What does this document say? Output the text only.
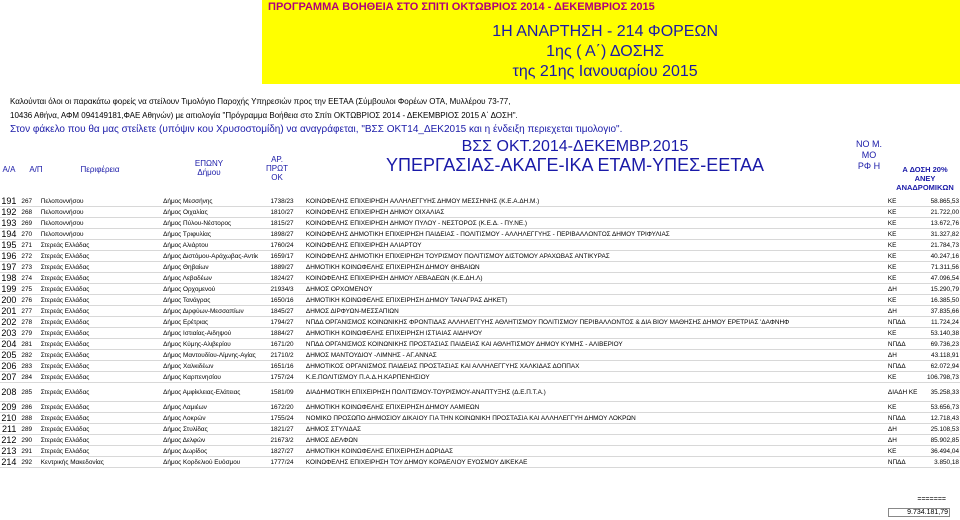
ΠΡΟΓΡΑΜΜΑ ΒΟΗΘΕΙΑ ΣΤΟ ΣΠΙΤΙ ΟΚΤΩΒΡΙΟΣ 2014 - ΔΕΚΕΜΒΡΙΟΣ 2015
1Η ΑΝΑΡΤΗΣΗ - 214 ΦΟΡΕΩΝ
1ης ( Α΄) ΔΟΣΗΣ
της 21ης Ιανουαρίου 2015
Καλούνται όλοι οι παρακάτω φορείς να στείλουν Τιμολόγιο Παροχής Υπηρεσιών προς την ΕΕΤΑΑ (Σύμβουλοι Φορέων ΟΤΑ, Μυλλέρου 73-77,
10436 Αθήνα, ΑΦΜ 094149181,ΦΑΕ Αθηνών) με αιτιολογία "Πρόγραμμα Βοήθεια στο Σπίτι ΟΚΤΩΒΡΙΟΣ 2014 - ΔΕΚΕΜΒΡΙΟΣ 2015 Α΄ ΔΟΣΗ".
Στον φάκελο που θα μας στείλετε (υπόψιν κου Χρυσοστομίδη) να αναγράφεται, "ΒΣΣ ΟΚΤ14_ΔΕΚ2015 και η ένδειξη περιεχεται τιμολογιο".
Α/Α	Α/Π	Περιφέρεια
ΕΠΩΝΥ Δήμου
ΑΡ. ΠΡΩΤ ΟΚ
ΝΟ Μ. ΜΟ ΡΦ Η	Α ΔΟΣΗ 20% ΑΝΕΥ ΑΝΑΔΡΟΜΙΚΩΝ
ΒΣΣ ΟΚΤ.2014-ΔΕΚΕΜΒΡ.2015
ΥΠΕΡΓΑΣΙΑΣ-ΑΚΑΓΕ-ΙΚΑ ΕΤΑΜ-ΥΠΕΣ-ΕΕΤΑΑ
191	267	Πελοποννήσου	Δήμος Μεσσήνης	1738/23	ΚΟΙΝΩΦΕΛΗΣ ΕΠΙΧΕΙΡΗΣΗ ΑΛΛΗΛΕΓΓΥΗΣ ΔΗΜΟΥ ΜΕΣΣΗΝΗΣ (Κ.Ε.Α.ΔΗ.Μ.)	ΚΕ	58.865,53
192	268	Πελοποννήσου	Δήμος Οιχαλίας	1810/27	ΚΟΙΝΩΦΕΛΗΣ ΕΠΙΧΕΙΡΗΣΗ ΔΗΜΟΥ ΟΙΧΑΛΙΑΣ	ΚΕ	21.722,00
193	269	Πελοποννήσου	Δήμος Πύλου-Νέστορος	1815/27	ΚΟΙΝΩΦΕΛΗΣ ΕΠΙΧΕΙΡΗΣΗ ΔΗΜΟΥ ΠΥΛΟΥ - ΝΕΣΤΟΡΟΣ (Κ.Ε.Δ. - ΠΥ.ΝΕ.)	ΚΕ	13.672,76
194	270	Πελοποννήσου	Δήμος Τριφυλίας	1898/27	ΚΟΙΝΩΦΕΛΗΣ ΔΗΜΟΤΙΚΗ ΕΠΙΧΕΙΡΗΣΗ ΠΑΙΔΕΙΑΣ - ΠΟΛΙΤΙΣΜΟΥ - ΑΛΛΗΛΕΓΓΥΗΣ - ΠΕΡΙΒΑΛΛΟΝΤΟΣ ΔΗΜΟΥ ΤΡΙΦΥΛΙΑΣ	ΚΕ	31.327,82
195	271	Στερεάς Ελλάδας	Δήμος Αλιάρτου	1760/24	ΚΟΙΝΩΦΕΛΗΣ ΕΠΙΧΕΙΡΗΣΗ ΑΛΙΑΡΤΟΥ	ΚΕ	21.784,73
196	272	Στερεάς Ελλάδας	Δήμος Διστόμου-Αράχωβας-Αντίκ	1659/17	ΚΟΙΝΩΦΕΛΗΣ ΔΗΜΟΤΙΚΗ ΕΠΙΧΕΙΡΗΣΗ ΤΟΥΡΙΣΜΟΥ ΠΟΛΙΤΙΣΜΟΥ ΔΙΣΤΟΜΟΥ ΑΡΑΧΩΒΑΣ ΑΝΤΙΚΥΡΑΣ	ΚΕ	40.247,16
197	273	Στερεάς Ελλάδας	Δήμος Θηβαίων	1889/27	ΔΗΜΟΤΙΚΗ ΚΟΙΝΩΦΕΛΗΣ ΕΠΙΧΕΙΡΗΣΗ ΔΗΜΟΥ ΘΗΒΑΙΩΝ	ΚΕ	71.311,56
198	274	Στερεάς Ελλάδας	Δήμος Λεβαδέων	1824/27	ΚΟΙΝΩΦΕΛΗΣ ΕΠΙΧΕΙΡΗΣΗ ΔΗΜΟΥ ΛΕΒΑΔΕΩΝ (Κ.Ε.ΔΗ.Λ)	ΚΕ	47.096,54
199	275	Στερεάς Ελλάδας	Δήμος Ορχομενού	21934/3	ΔΗΜΟΣ ΟΡΧΟΜΕΝΟΥ	ΔΗ	15.290,79
200	276	Στερεάς Ελλάδας	Δήμος Τανάγρας	1650/16	ΔΗΜΟΤΙΚΗ ΚΟΙΝΩΦΕΛΗΣ ΕΠΙΧΕΙΡΗΣΗ ΔΗΜΟΥ ΤΑΝΑΓΡΑΣ ΔΗΚΕΤ)	ΚΕ	16.385,50
201	277	Στερεάς Ελλάδας	Δήμος Διρφύων-Μεσσαπίων	1845/27	ΔΗΜΟΣ ΔΙΡΦΥΩΝ-ΜΕΣΣΑΠΙΩΝ	ΔΗ	37.835,66
202	278	Στερεάς Ελλάδας	Δήμος Ερέτριας	1794/27	ΝΠΔΔ ΟΡΓΑΝΙΣΜΟΣ ΚΟΙΝΩΝΙΚΗΣ ΦΡΟΝΤΙΔΑΣ ΑΛΛΗΛΕΓΓΥΗΣ ΑΘΛΗΤΙΣΜΟΥ ΠΟΛΙΤΙΣΜΟΥ ΠΕΡΙΒΑΛΛΟΝΤΟΣ & ΔΙΑ ΒΙΟΥ ΜΑΘΗΣΗΣ ΔΗΜΟΥ ΕΡΕΤΡΙΑΣ 'ΔΑΦΝΗΦ	ΝΠΔΔ	11.724,24
203	279	Στερεάς Ελλάδας	Δήμος Ιστιαίας-Αιδηψού	1884/27	ΔΗΜΟΤΙΚΗ ΚΟΙΝΩΦΕΛΗΣ ΕΠΙΧΕΙΡΗΣΗ ΙΣΤΙΑΙΑΣ ΑΙΔΗΨΟΥ	ΚΕ	53.140,38
204	281	Στερεάς Ελλάδας	Δήμος Κύμης-Αλιβερίου	1671/20	ΝΠΔΔ ΟΡΓΑΝΙΣΜΟΣ ΚΟΙΝΩΝΙΚΗΣ ΠΡΟΣΤΑΣΙΑΣ ΠΑΙΔΕΙΑΣ ΚΑΙ ΑΘΛΗΤΙΣΜΟΥ ΔΗΜΟΥ ΚΥΜΗΣ - ΑΛΙΒΕΡΙΟΥ	ΝΠΔΔ	69.736,23
205	282	Στερεάς Ελλάδας	Δήμος Μαντουδίου-Λίμνης-Αγίας	21710/2	ΔΗΜΟΣ ΜΑΝΤΟΥΔΙΟΥ -ΛΙΜΝΗΣ - ΑΓ.ΑΝΝΑΣ	ΔΗ	43.118,91
206	283	Στερεάς Ελλάδας	Δήμος Χαλκιδέων	1651/16	ΔΗΜΟΤΙΚΟΣ ΟΡΓΑΝΙΣΜΟΣ ΠΑΙΔΕΙΑΣ ΠΡΟΣΤΑΣΙΑΣ ΚΑΙ ΑΛΛΗΛΕΓΓΥΗΣ ΧΑΛΚΙΔΑΣ ΔΟΠΠΑΧ	ΝΠΔΔ	62.072,94
207	284	Στερεάς Ελλάδας	Δήμος Καρπενησίου	1757/24	Κ.Ε.ΠΟΛΙΤΙΣΜΟΥ Π.Α.Δ.Η.ΚΑΡΠΕΝΗΣΙΟΥ	ΚΕ	106.798,73
208	285	Στερεάς Ελλάδας	Δήμος Αμφίκλειας-Ελάτειας	1581/09	ΔΙΑΔΗΜΟΤΙΚΗ ΕΠΙΧΕΙΡΗΣΗ ΠΟΛΙΤΙΣΜΟΥ-ΤΟΥΡΙΣΜΟΥ-ΑΝΑΠΤΥΞΗΣ (Δ.Ε.Π.Τ.Α.)	ΔΙΑΔΗ ΚΕ	35.258,33
209	286	Στερεάς Ελλάδας	Δήμος Λαμιέων	1672/20	ΔΗΜΟΤΙΚΗ ΚΟΙΝΩΦΕΛΗΣ ΕΠΙΧΕΙΡΗΣΗ ΔΗΜΟΥ ΛΑΜΙΕΩΝ	ΚΕ	53.656,73
210	288	Στερεάς Ελλάδας	Δήμος Λοκρών	1755/24	ΝΟΜΙΚΟ ΠΡΟΣΩΠΟ ΔΗΜΟΣΙΟΥ ΔΙΚΑΙΟΥ ΓΙΑ ΤΗΝ ΚΟΙΝΩΝΙΚΗ ΠΡΟΣΤΑΣΙΑ ΚΑΙ ΑΛΛΗΛΕΓΓΥΗ ΔΗΜΟΥ ΛΟΚΡΩΝ	ΝΠΔΔ	12.718,43
211	289	Στερεάς Ελλάδας	Δήμος Στυλίδας	1821/27	ΔΗΜΟΣ ΣΤΥΛΙΔΑΣ	ΔΗ	25.108,53
212	290	Στερεάς Ελλάδας	Δήμος Δελφών	21673/2	ΔΗΜΟΣ ΔΕΛΦΩΝ	ΔΗ	85.902,85
213	291	Στερεάς Ελλάδας	Δήμος Δωρίδος	1827/27	ΔΗΜΟΤΙΚΗ ΚΟΙΝΩΦΕΛΗΣ ΕΠΙΧΕΙΡΗΣΗ ΔΩΡΙΔΑΣ	ΚΕ	36.494,04
214	292	Κεντρικής Μακεδονίας	Δήμος Κορδελιού Ευόσμου	1777/24	ΚΟΙΝΩΦΕΛΗΣ ΕΠΙΧΕΙΡΗΣΗ ΤΟΥ ΔΗΜΟΥ ΚΟΡΔΕΛΙΟΥ ΕΥΟΣΜΟΥ ΔΙΚΕΚΑΕ	ΝΠΔΔ	3.850,18
=======
9.734.181,79
